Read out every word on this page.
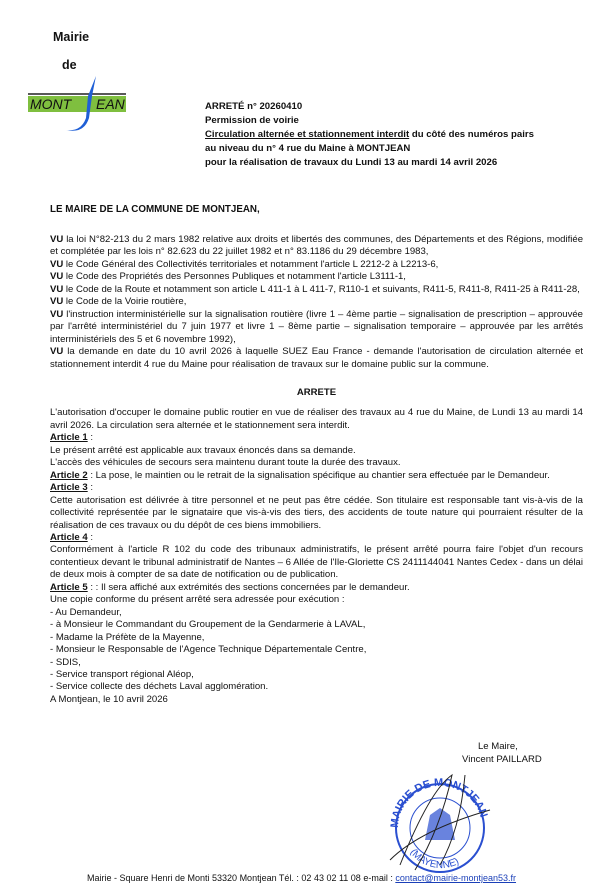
Mairie
de
MONT EAN	ARRETÉ n° 20260410
Permission de voirie
Circulation alternée et stationnement interdit du côté des numéros pairs
au niveau du n° 4 rue du Maine à MONTJEAN
pour la réalisation de travaux du Lundi 13 au mardi 14 avril 2026
LE MAIRE DE LA COMMUNE DE MONTJEAN,

VU la loi N°82-213 du 2 mars 1982 relative aux droits et libertés des communes, des Départements et des Régions, modifiée et complétée par les lois n° 82.623 du 22 juillet 1982 et n° 83.1186 du 29 décembre 1983,

VU le Code Général des Collectivités territoriales et notamment l'article L 2212-2 à L2213-6,

VU le Code des Propriétés des Personnes Publiques et notamment l'article L3111-1,

VU le Code de la Route et notamment son article L 411-1 à L 411-7, R110-1 et suivants, R411-5, R411-8, R411-25 à R411-28,

VU le Code de la Voirie routière,

VU l'instruction interministérielle sur la signalisation routière (livre 1 – 4ème partie – signalisation de prescription – approuvée par l'arrêté interministériel du 7 juin 1977 et livre 1 – 8ème partie – signalisation temporaire – approuvée par les arrêtés interministériels des 5 et 6 novembre 1992),

VU la demande en date du 10 avril 2026 à laquelle SUEZ Eau France - demande l'autorisation de circulation alternée et stationnement interdit 4 rue du Maine pour réalisation de travaux sur le domaine public sur la commune.

ARRETE

L'autorisation d'occuper le domaine public routier en vue de réaliser des travaux au 4 rue du Maine, de Lundi 13 au mardi 14 avril 2026. La circulation sera alternée et le stationnement sera interdit.

Article 1 :

Le présent arrêté est applicable aux travaux énoncés dans sa demande.

L'accès des véhicules de secours sera maintenu durant toute la durée des travaux.

Article 2 : La pose, le maintien ou le retrait de la signalisation spécifique au chantier sera effectuée par le Demandeur.

Article 3 :

Cette autorisation est délivrée à titre personnel et ne peut pas être cédée. Son titulaire est responsable tant vis-à-vis de la collectivité représentée par le signataire que vis-à-vis des tiers, des accidents de toute nature qui pourraient résulter de la réalisation de ces travaux ou du dépôt de ces biens immobiliers.

Article 4 :

Conformément à l'article R 102 du code des tribunaux administratifs, le présent arrêté pourra faire l'objet d'un recours contentieux devant le tribunal administratif de Nantes – 6 Allée de l'Ile-Gloriette CS 2411144041 Nantes Cedex - dans un délai de deux mois à compter de sa date de notification ou de publication.

Article 5 : : Il sera affiché aux extrémités des sections concernées par le demandeur.

Une copie conforme du présent arrêté sera adressée pour exécution :

- Au Demandeur,

- à Monsieur le Commandant du Groupement de la Gendarmerie à LAVAL,

- Madame la Préfète de la Mayenne,

- Monsieur le Responsable de l'Agence Technique Départementale Centre,

- SDIS,

- Service transport régional Aléop,

- Service collecte des déchets Laval agglomération.

A Montjean, le 10 avril 2026

Le Maire,
Vincent PAILLARD
MAIRIE DE MONTJEAN
(MAYENNE)
Mairie - Square Henri de Monti 53320 Montjean Tél. : 02 43 02 11 08 e-mail : contact@mairie-montjean53.fr
